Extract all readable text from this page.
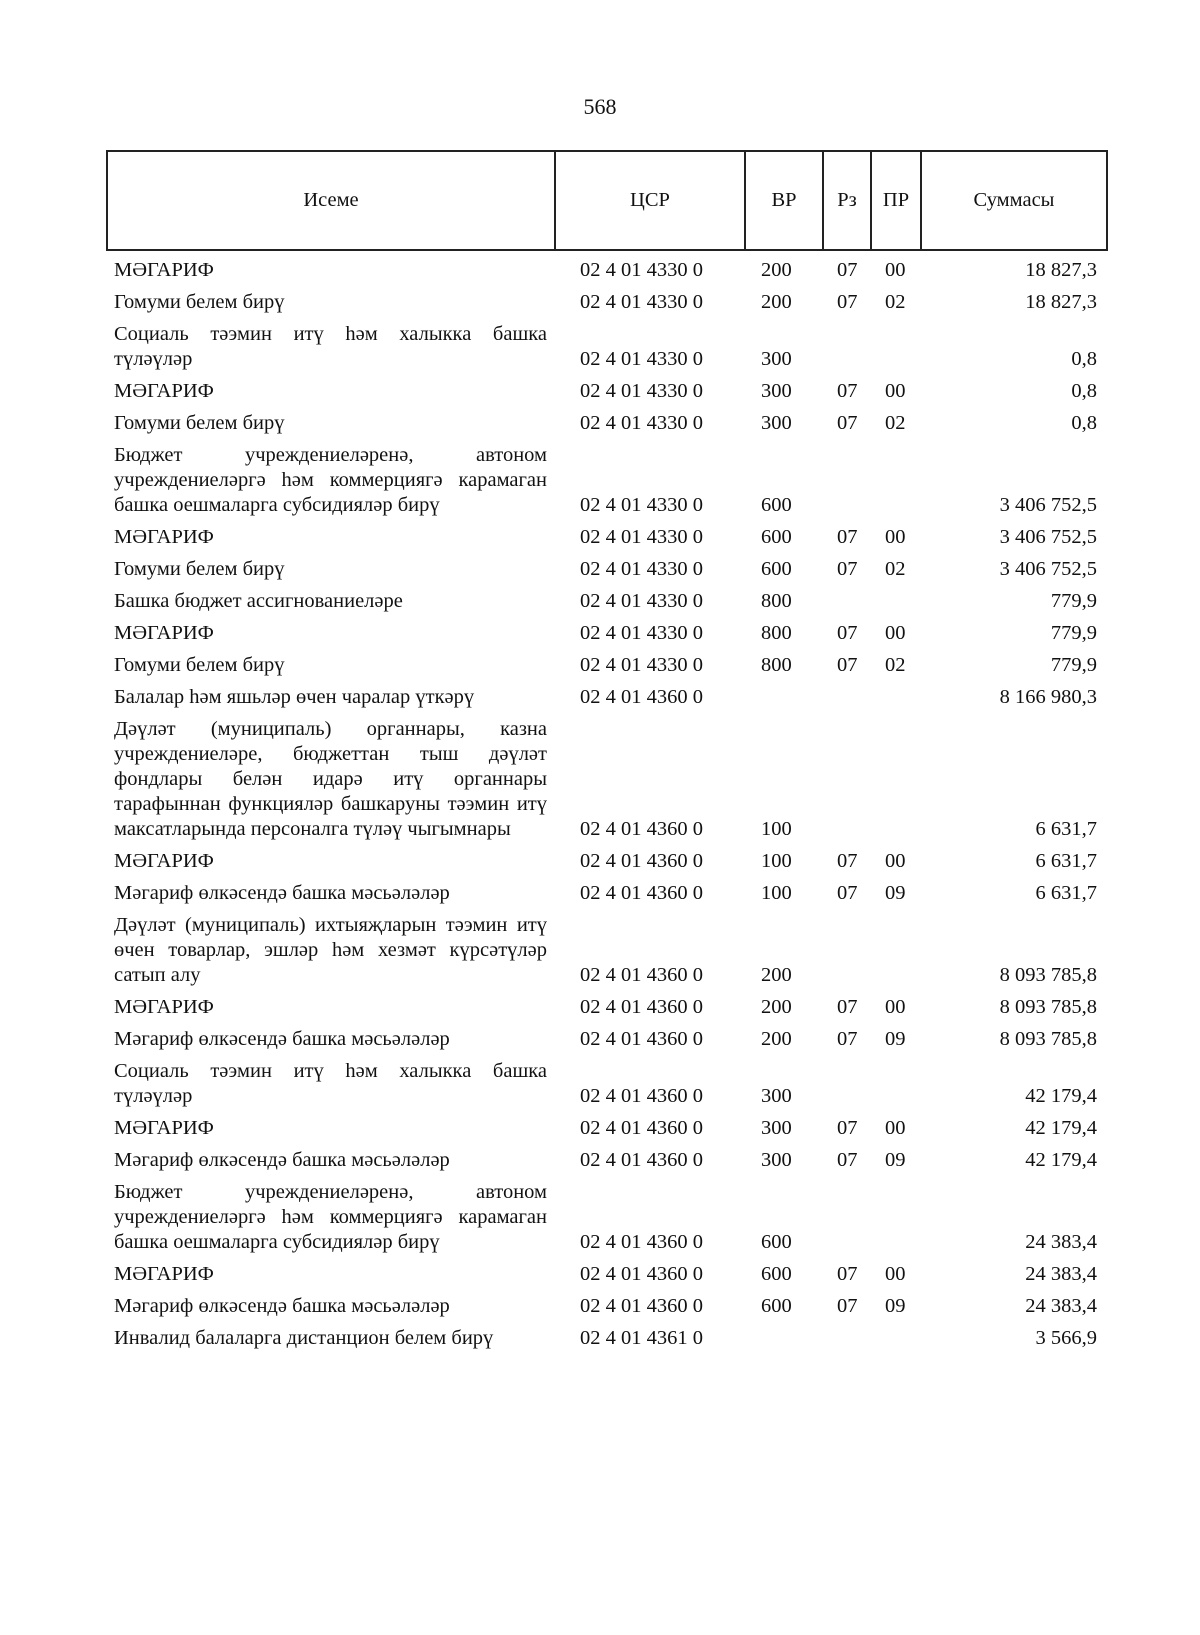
568
Исеме	ЦСР	ВР	Рз	ПР	Суммасы

МӘГАРИФ	02 4 01 4330 0	200	07	00	18 827,3

Гомуми белем бирү	02 4 01 4330 0	200	07	02	18 827,3

Социаль тәэмин итү һәм халыкка башка түләүләр	02 4 01 4330 0	300			0,8

МӘГАРИФ	02 4 01 4330 0	300	07	00	0,8

Гомуми белем бирү	02 4 01 4330 0	300	07	02	0,8

Бюджет учреждениеләренә, автоном учреждениеләргә һәм коммерциягә карамаган башка оешмаларга субсидияләр бирү	02 4 01 4330 0	600			3 406 752,5

МӘГАРИФ	02 4 01 4330 0	600	07	00	3 406 752,5

Гомуми белем бирү	02 4 01 4330 0	600	07	02	3 406 752,5

Башка бюджет ассигнованиеләре	02 4 01 4330 0	800			779,9

МӘГАРИФ	02 4 01 4330 0	800	07	00	779,9

Гомуми белем бирү	02 4 01 4330 0	800	07	02	779,9

Балалар һәм яшьләр өчен чаралар үткәрү	02 4 01 4360 0				8 166 980,3

Дәүләт (муниципаль) органнары, казна учреждениеләре, бюджеттан тыш дәүләт фондлары белән идарә итү органнары тарафыннан функцияләр башкаруны тәэмин итү максатларында персоналга түләү чыгымнары	02 4 01 4360 0	100			6 631,7

МӘГАРИФ	02 4 01 4360 0	100	07	00	6 631,7

Мәгариф өлкәсендә башка мәсьәләләр	02 4 01 4360 0	100	07	09	6 631,7

Дәүләт (муниципаль) ихтыяҗларын тәэмин итү өчен товарлар, эшләр һәм хезмәт күрсәтүләр сатып алу	02 4 01 4360 0	200			8 093 785,8

МӘГАРИФ	02 4 01 4360 0	200	07	00	8 093 785,8

Мәгариф өлкәсендә башка мәсьәләләр	02 4 01 4360 0	200	07	09	8 093 785,8

Социаль тәэмин итү һәм халыкка башка түләүләр	02 4 01 4360 0	300			42 179,4

МӘГАРИФ	02 4 01 4360 0	300	07	00	42 179,4

Мәгариф өлкәсендә башка мәсьәләләр	02 4 01 4360 0	300	07	09	42 179,4

Бюджет учреждениеләренә, автоном учреждениеләргә һәм коммерциягә карамаган башка оешмаларга субсидияләр бирү	02 4 01 4360 0	600			24 383,4

МӘГАРИФ	02 4 01 4360 0	600	07	00	24 383,4

Мәгариф өлкәсендә башка мәсьәләләр	02 4 01 4360 0	600	07	09	24 383,4

Инвалид балаларга дистанцион белем бирү	02 4 01 4361 0				3 566,9
